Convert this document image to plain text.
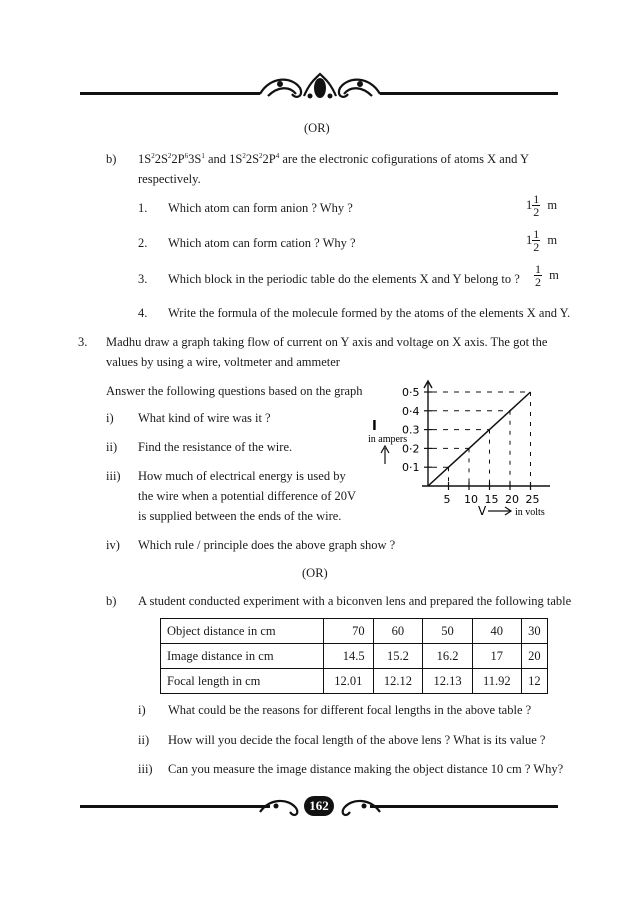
(OR)
b) $1S^22S^22P^63S^1$ and $1S^22S^22P^4$ are the electronic cofigurations of atoms X and Y
respectively.
1. Which atom can form anion ? Why ?	$1 \frac{1}{2}$ m
2. Which atom can form cation ? Why ?	$1 \frac{1}{2}$ m
3. Which block in the periodic table do the elements X and Y belong to ? $\frac{1}{2}$ m
4. Write the formula of the molecule formed by the atoms of the elements X and Y.
3. Madhu draw a graph taking flow of current on Y axis and voltage on X axis. The got the
values by using a wire, voltmeter and ammeter
Answer the following questions based on the graph
i) What kind of wire was it ?
ii) Find the resistance of the wire.
iii) How much of electrical energy is used by
the wire when a potential difference of 20V
is supplied between the ends of the wire.
iv) Which rule / principle does the above graph show ?
0·1
0·2
0.3
0·4
0·5
5 10 15 20 25
I
in ampers
V	in volts
(OR)
b) A student conducted experiment with a biconven lens and prepared the following table
Object distance in cm	70	60	50	40	30
Image distance in cm	14.5	15.2	16.2	17	20
Focal length in cm	12.01	12.12	12.13	11.92	12
i) What could be the reasons for different focal lengths in the above table ?
ii) How will you decide the focal length of the above lens ? What is its value ?
iii) Can you measure the image distance making the object distance 10 cm ? Why?
162
